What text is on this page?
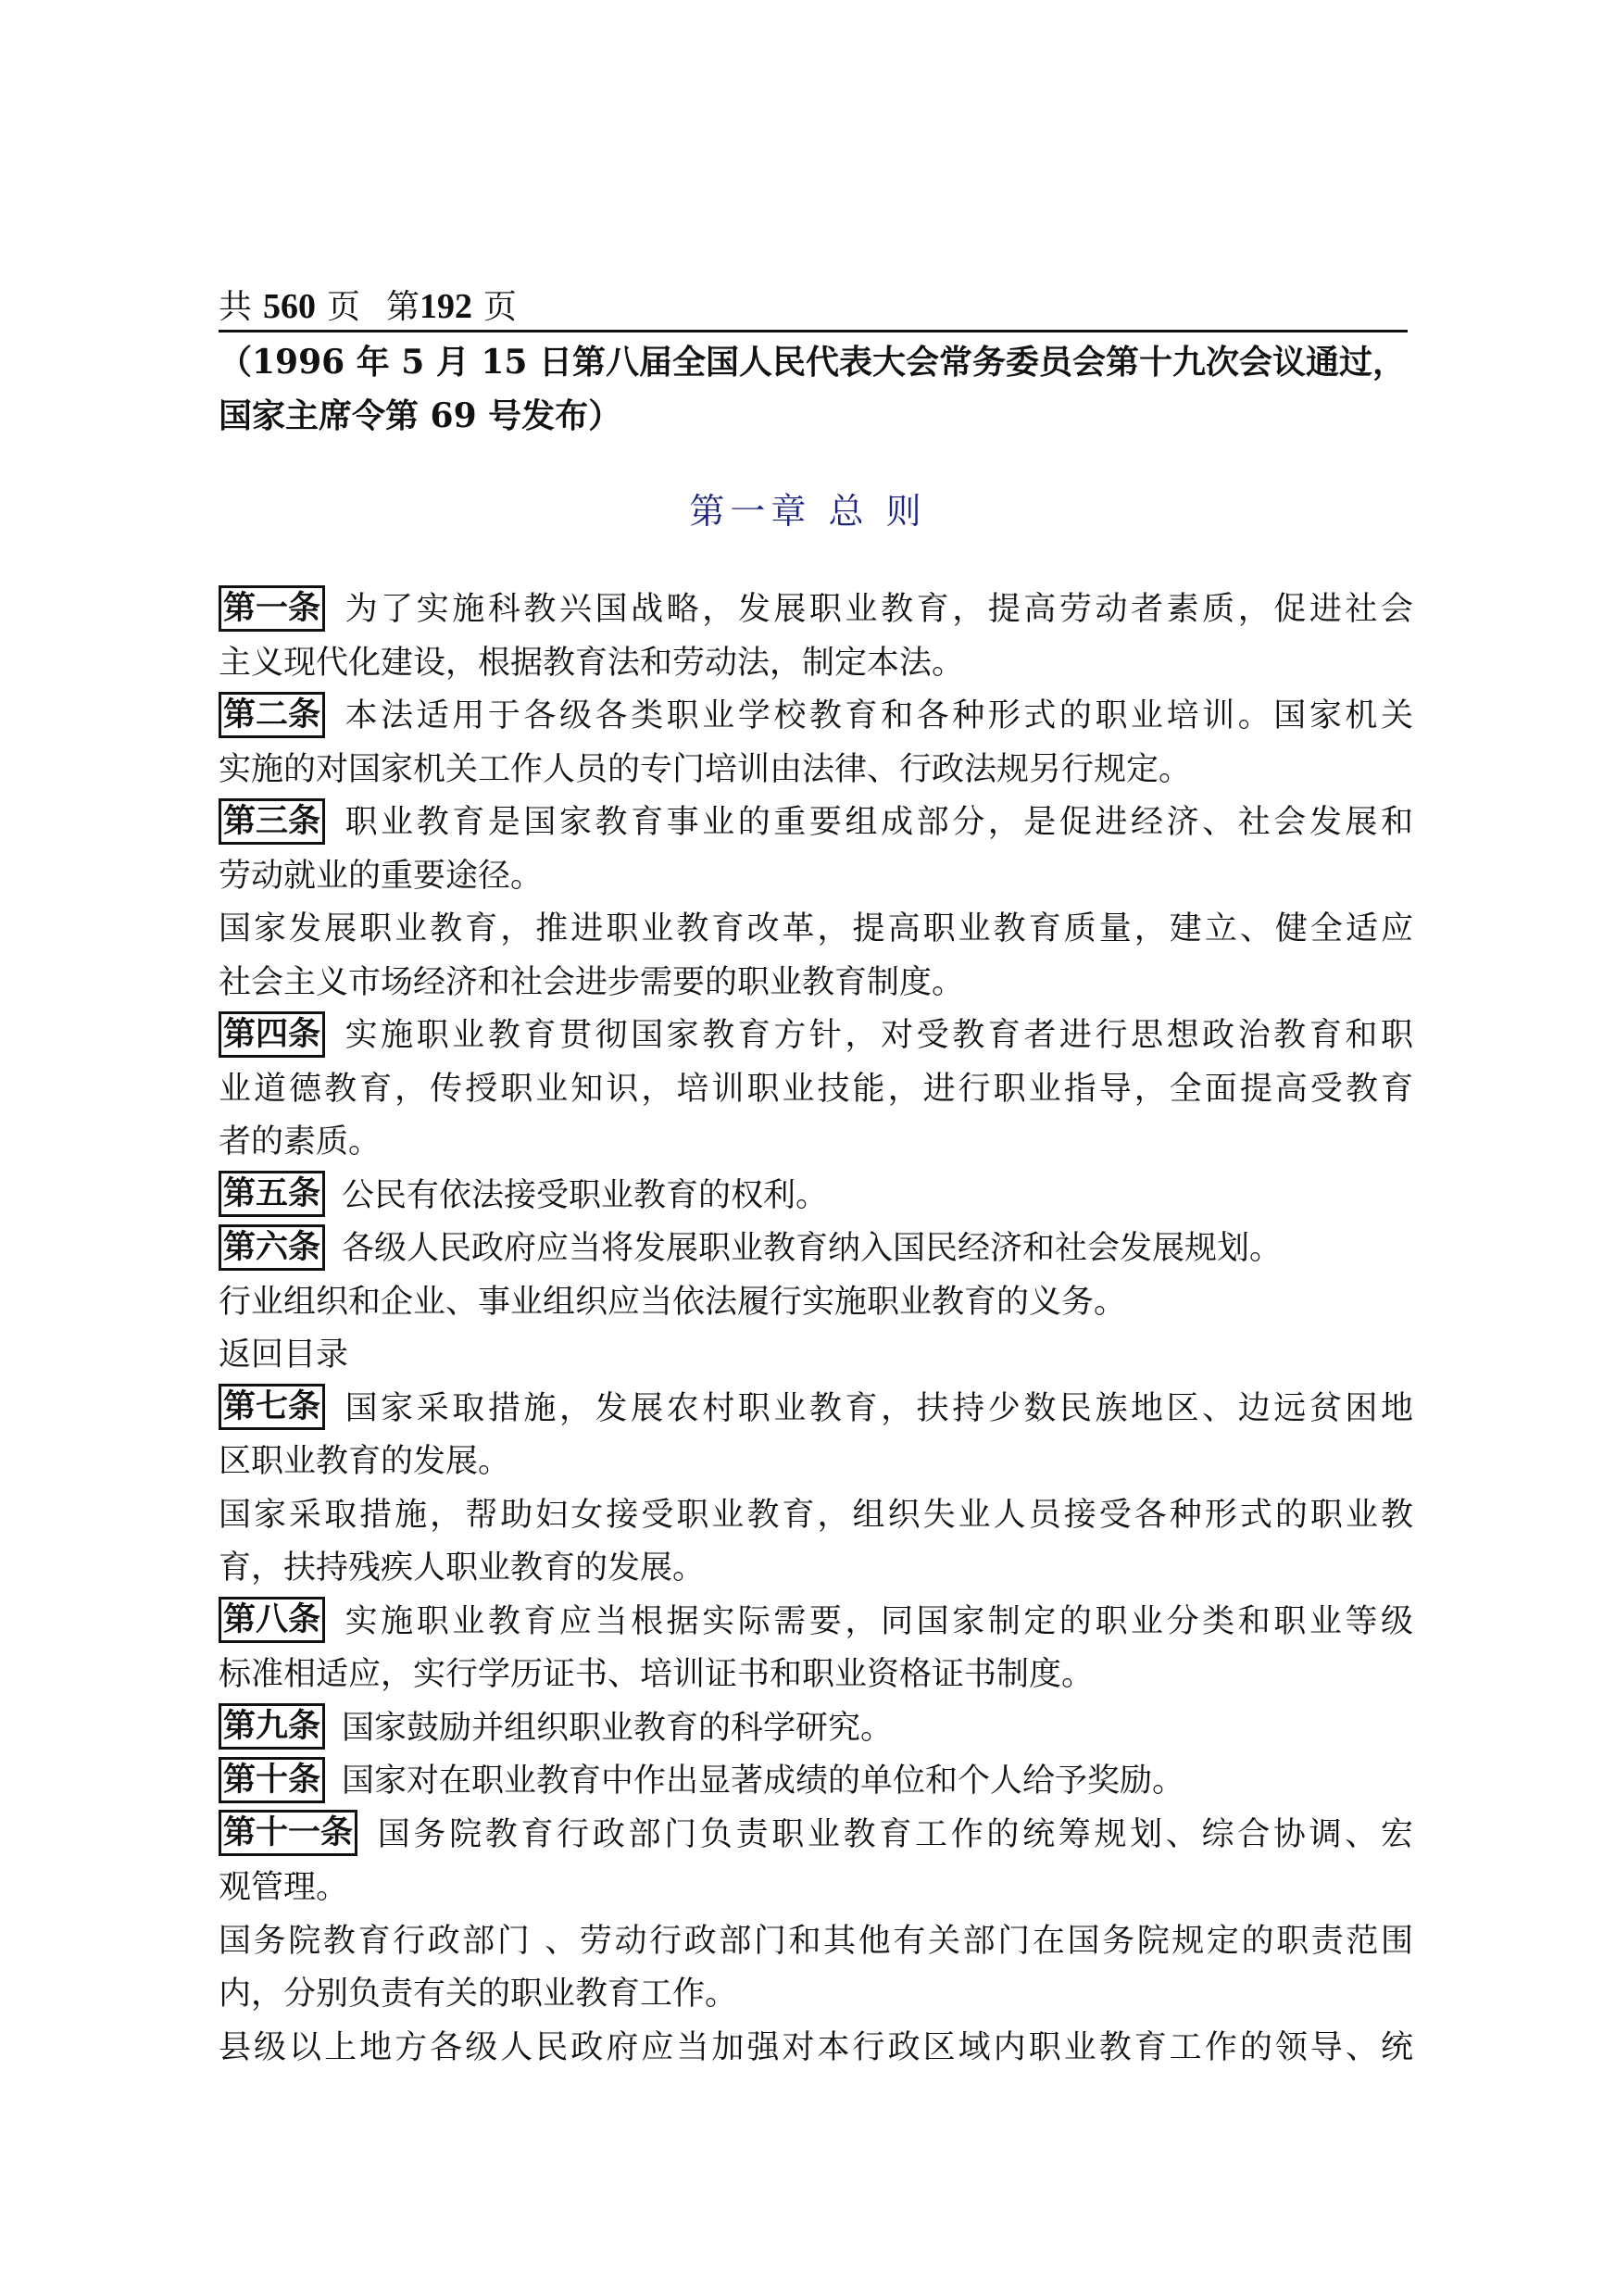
共 560 页 第192 页
（1996 年 5 月 15 日第八届全国人民代表大会常务委员会第十九次会议通过，
国家主席令第 69 号发布）
第一章 总 则
第一条 为了实施科教兴国战略，发展职业教育，提高劳动者素质，促进社会
主义现代化建设，根据教育法和劳动法，制定本法。
第二条 本法适用于各级各类职业学校教育和各种形式的职业培训。国家机关
实施的对国家机关工作人员的专门培训由法律、行政法规另行规定。
第三条 职业教育是国家教育事业的重要组成部分，是促进经济、社会发展和
劳动就业的重要途径。
国家发展职业教育，推进职业教育改革，提高职业教育质量，建立、健全适应
社会主义市场经济和社会进步需要的职业教育制度。
第四条 实施职业教育贯彻国家教育方针，对受教育者进行思想政治教育和职
业道德教育，传授职业知识，培训职业技能，进行职业指导，全面提高受教育
者的素质。
第五条 公民有依法接受职业教育的权利。
第六条 各级人民政府应当将发展职业教育纳入国民经济和社会发展规划。
行业组织和企业、事业组织应当依法履行实施职业教育的义务。
返回目录
第七条 国家采取措施，发展农村职业教育，扶持少数民族地区、边远贫困地
区职业教育的发展。
国家采取措施，帮助妇女接受职业教育，组织失业人员接受各种形式的职业教
育，扶持残疾人职业教育的发展。
第八条 实施职业教育应当根据实际需要，同国家制定的职业分类和职业等级
标准相适应，实行学历证书、培训证书和职业资格证书制度。
第九条 国家鼓励并组织职业教育的科学研究。
第十条 国家对在职业教育中作出显著成绩的单位和个人给予奖励。
第十一条 国务院教育行政部门负责职业教育工作的统筹规划、综合协调、宏
观管理。
国务院教育行政部门 、劳动行政部门和其他有关部门在国务院规定的职责范围
内，分别负责有关的职业教育工作。
县级以上地方各级人民政府应当加强对本行政区域内职业教育工作的领导、统
